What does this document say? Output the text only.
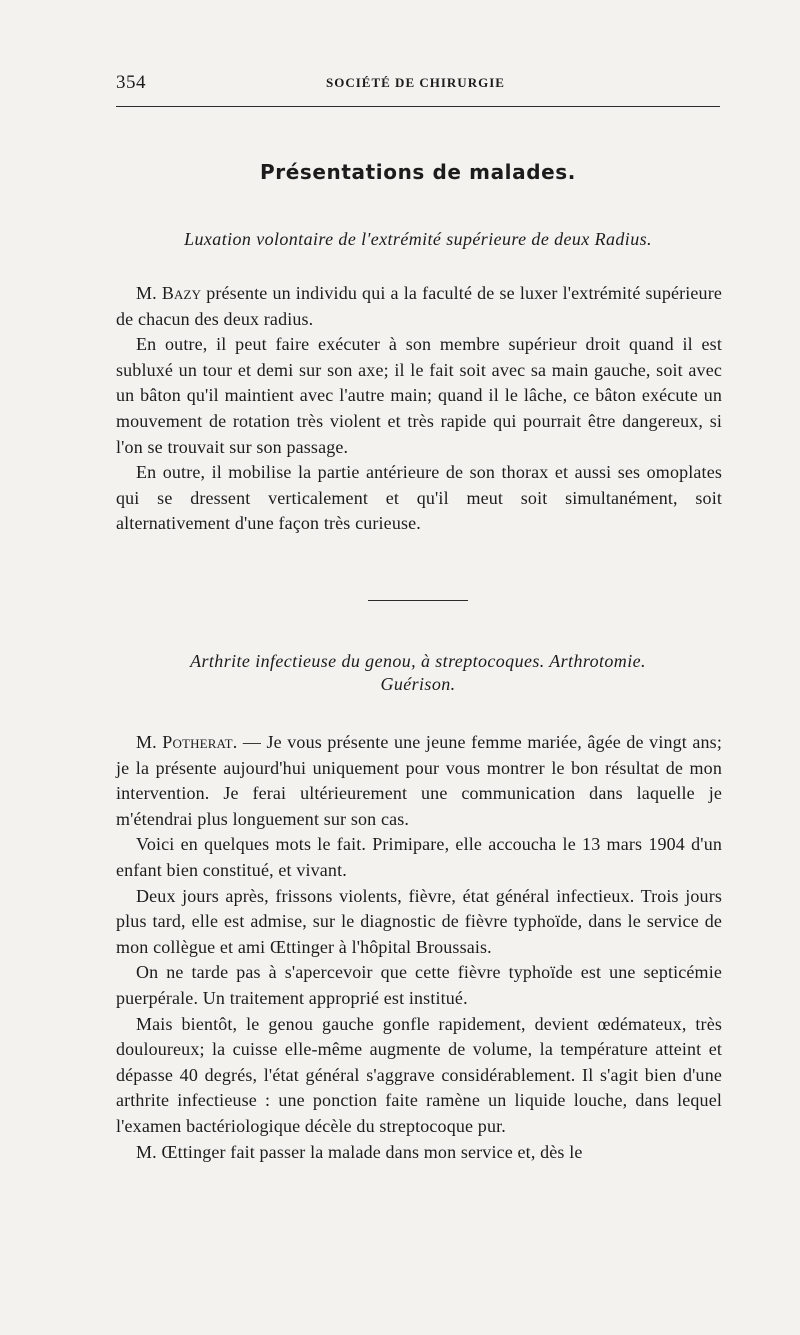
354	SOCIÉTÉ DE CHIRURGIE
Présentations de malades.
Luxation volontaire de l'extrémité supérieure de deux Radius.

M. Bazy présente un individu qui a la faculté de se luxer l'extrémité supérieure de chacun des deux radius.

En outre, il peut faire exécuter à son membre supérieur droit quand il est subluxé un tour et demi sur son axe; il le fait soit avec sa main gauche, soit avec un bâton qu'il maintient avec l'autre main; quand il le lâche, ce bâton exécute un mouvement de rotation très violent et très rapide qui pourrait être dangereux, si l'on se trouvait sur son passage.

En outre, il mobilise la partie antérieure de son thorax et aussi ses omoplates qui se dressent verticalement et qu'il meut soit simultanément, soit alternativement d'une façon très curieuse.

Arthrite infectieuse du genou, à streptocoques. Arthrotomie.
Guérison.

M. Potherat. — Je vous présente une jeune femme mariée, âgée de vingt ans; je la présente aujourd'hui uniquement pour vous montrer le bon résultat de mon intervention. Je ferai ultérieurement une communication dans laquelle je m'étendrai plus longuement sur son cas.

Voici en quelques mots le fait. Primipare, elle accoucha le 13 mars 1904 d'un enfant bien constitué, et vivant.

Deux jours après, frissons violents, fièvre, état général infectieux. Trois jours plus tard, elle est admise, sur le diagnostic de fièvre typhoïde, dans le service de mon collègue et ami Œttinger à l'hôpital Broussais.

On ne tarde pas à s'apercevoir que cette fièvre typhoïde est une septicémie puerpérale. Un traitement approprié est institué.

Mais bientôt, le genou gauche gonfle rapidement, devient œdémateux, très douloureux; la cuisse elle-même augmente de volume, la température atteint et dépasse 40 degrés, l'état général s'aggrave considérablement. Il s'agit bien d'une arthrite infectieuse : une ponction faite ramène un liquide louche, dans lequel l'examen bactériologique décèle du streptocoque pur.

M. Œttinger fait passer la malade dans mon service et, dès le
